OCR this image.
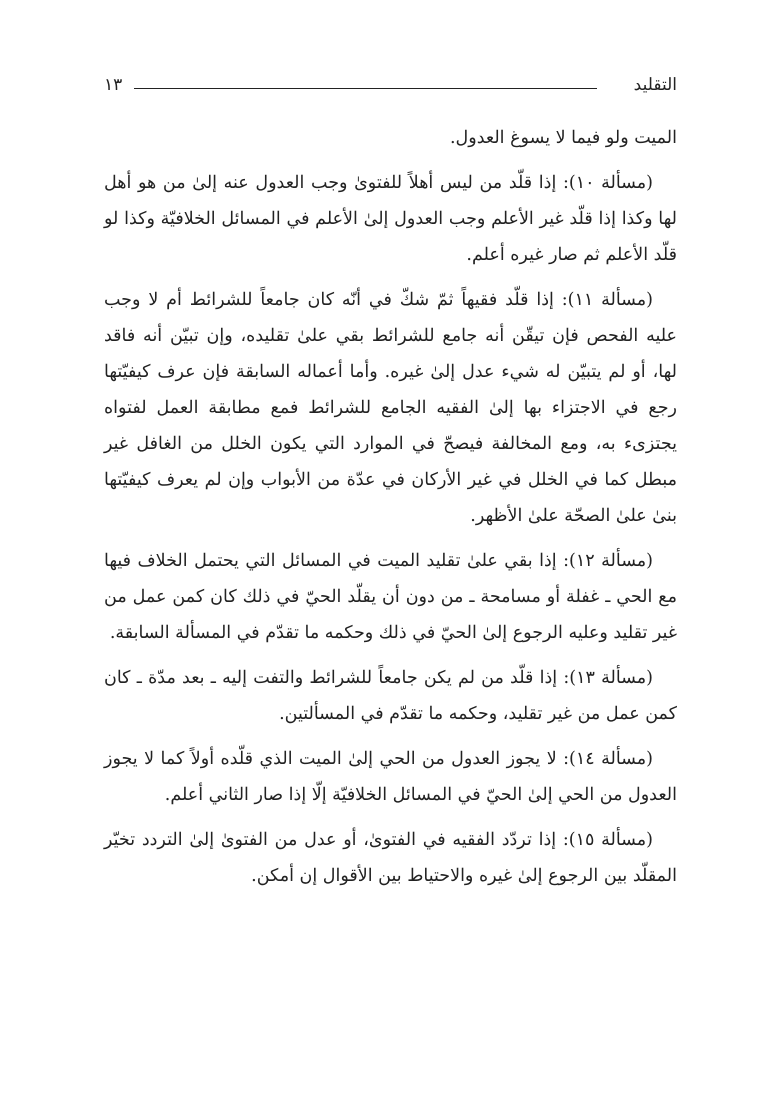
التقليد
١٣

الميت ولو فيما لا يسوغ العدول.

(مسألة ١٠): إذا قلّد من ليس أهلاً للفتوىٰ وجب العدول عنه إلىٰ من هو أهل لها وكذا إذا قلّد غير الأعلم وجب العدول إلىٰ الأعلم في المسائل الخلافيّة وكذا لو قلّد الأعلم ثم صار غيره أعلم.

(مسألة ١١): إذا قلّد فقيهاً ثمّ شكّ في أنّه كان جامعاً للشرائط أم لا وجب عليه الفحص فإن تيقّن أنه جامع للشرائط بقي علىٰ تقليده، وإن تبيّن أنه فاقد لها، أو لم يتبيّن له شيء عدل إلىٰ غيره. وأما أعماله السابقة فإن عرف كيفيّتها رجع في الاجتزاء بها إلىٰ الفقيه الجامع للشرائط فمع مطابقة العمل لفتواه يجتزىء به، ومع المخالفة فيصحّ في الموارد التي يكون الخلل من الغافل غير مبطل كما في الخلل في غير الأركان في عدّة من الأبواب وإن لم يعرف كيفيّتها بنىٰ علىٰ الصحّة علىٰ الأظهر.

(مسألة ١٢): إذا بقي علىٰ تقليد الميت في المسائل التي يحتمل الخلاف فيها مع الحي ـ غفلة أو مسامحة ـ من دون أن يقلّد الحيّ في ذلك كان كمن عمل من غير تقليد وعليه الرجوع إلىٰ الحيّ في ذلك وحكمه ما تقدّم في المسألة السابقة.

(مسألة ١٣): إذا قلّد من لم يكن جامعاً للشرائط والتفت إليه ـ بعد مدّة ـ كان كمن عمل من غير تقليد، وحكمه ما تقدّم في المسألتين.

(مسألة ١٤): لا يجوز العدول من الحي إلىٰ الميت الذي قلّده أولاً كما لا يجوز العدول من الحي إلىٰ الحيّ في المسائل الخلافيّة إلّا إذا صار الثاني أعلم.

(مسألة ١٥): إذا تردّد الفقيه في الفتوىٰ، أو عدل من الفتوىٰ إلىٰ التردد تخيّر المقلّد بين الرجوع إلىٰ غيره والاحتياط بين الأقوال إن أمكن.
